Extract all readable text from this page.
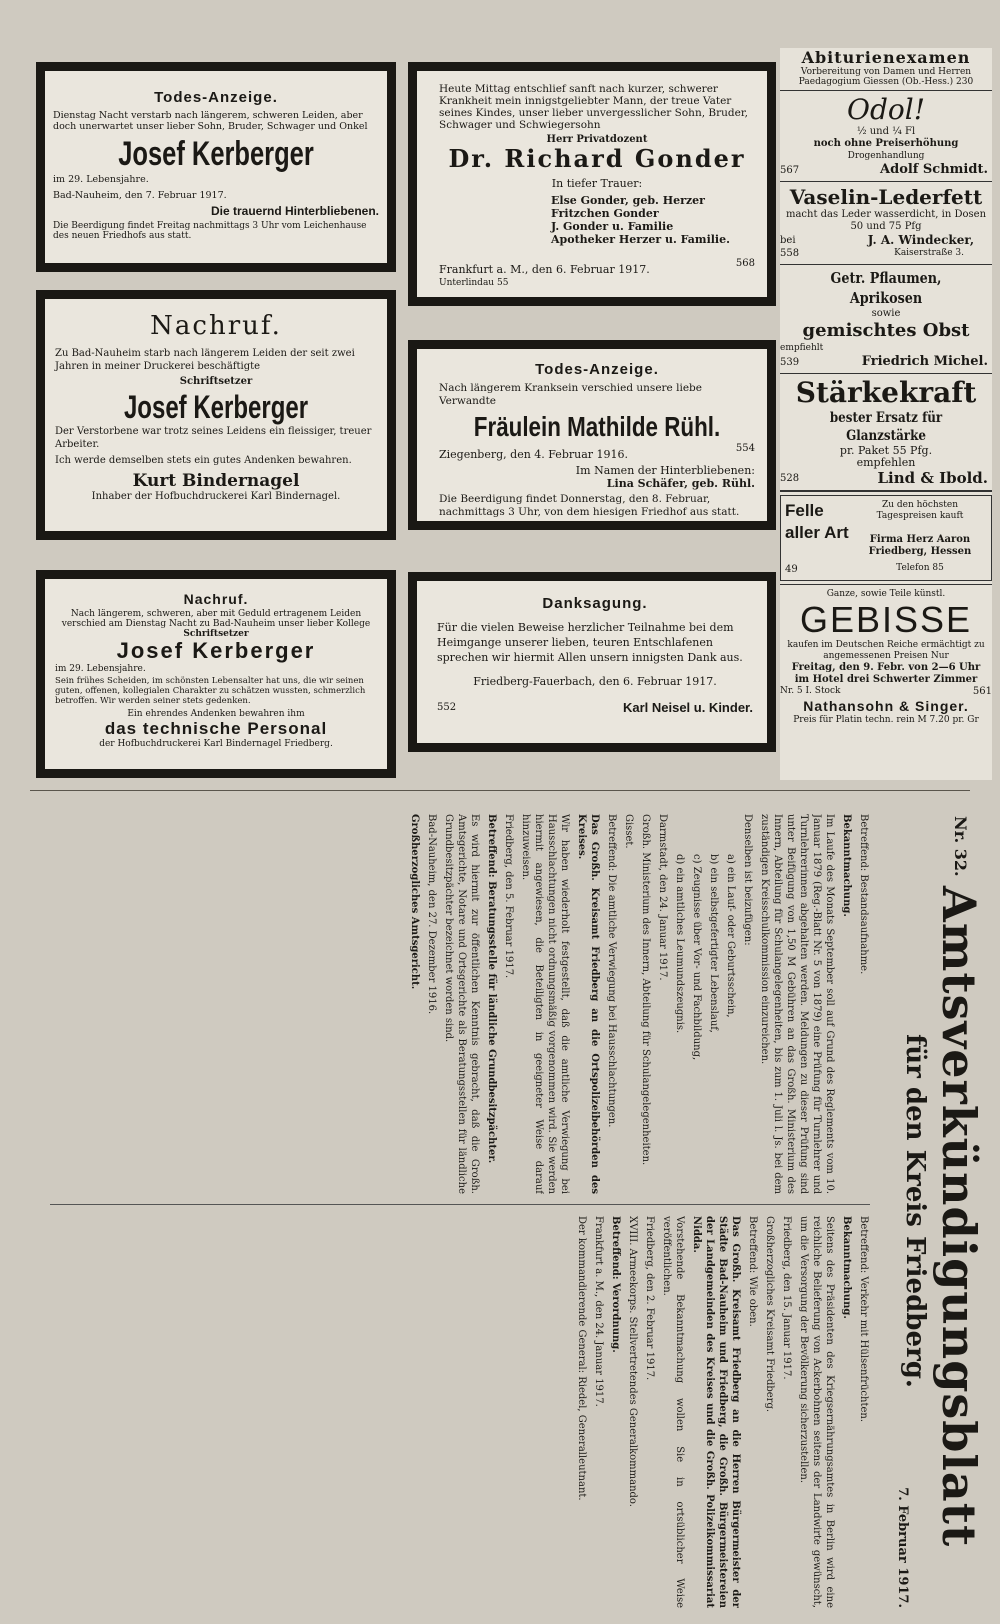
Todes-Anzeige.

Dienstag Nacht verstarb nach längerem, schweren Leiden, aber doch unerwartet unser lieber Sohn, Bruder, Schwager und Onkel

Josef Kerberger

im 29. Lebensjahre.

Bad-Nauheim, den 7. Februar 1917.

Die trauernd Hinterbliebenen.

Die Beerdigung findet Freitag nachmittags 3 Uhr vom Leichenhause des neuen Friedhofs aus statt.

Nachruf.

Zu Bad-Nauheim starb nach längerem Leiden der seit zwei Jahren in meiner Druckerei beschäftigte

Schriftsetzer
Josef Kerberger

Der Verstorbene war trotz seines Leidens ein fleissiger, treuer Arbeiter.

Ich werde demselben stets ein gutes Andenken bewahren.

Kurt Bindernagel
Inhaber der Hofbuchdruckerei Karl Bindernagel.
Nachruf.

Nach längerem, schweren, aber mit Geduld ertragenem Leiden verschied am Dienstag Nacht zu Bad-Nauheim unser lieber Kollege

Schriftsetzer
Josef Kerberger

im 29. Lebensjahre.

Sein frühes Scheiden, im schönsten Lebensalter hat uns, die wir seinen guten, offenen, kollegialen Charakter zu schätzen wussten, schmerzlich betroffen. Wir werden seiner stets gedenken.

Ein ehrendes Andenken bewahren ihm
das technische Personal
der Hofbuchdruckerei Karl Bindernagel Friedberg.

Heute Mittag entschlief sanft nach kurzer, schwerer Krankheit mein innigstgeliebter Mann, der treue Vater seines Kindes, unser lieber unvergesslicher Sohn, Bruder, Schwager und Schwiegersohn

Herr Privatdozent
Dr. Richard Gonder
In tiefer Trauer:
Else Gonder, geb. Herzer
Fritzchen Gonder
J. Gonder u. Familie
Apotheker Herzer u. Familie.
Frankfurt a. M., den 6. Februar 1917.	568
Unterlindau 55
Todes-Anzeige.

Nach längerem Kranksein verschied unsere liebe Verwandte

Fräulein Mathilde Rühl.
Ziegenberg, den 4. Februar 1916.	554
Im Namen der Hinterbliebenen:
Lina Schäfer, geb. Rühl.

Die Beerdigung findet Donnerstag, den 8. Februar, nachmittags 3 Uhr, von dem hiesigen Friedhof aus statt.

Danksagung.

Für die vielen Beweise herzlicher Teilnahme bei dem Heimgange unserer lieben, teuren Entschlafenen sprechen wir hiermit Allen unsern innigsten Dank aus.

Friedberg-Fauerbach, den 6. Februar 1917.
552	Karl Neisel u. Kinder.
Abiturienexamen
Vorbereitung von Damen und Herren Paedagogium Giessen (Ob.-Hess.) 230
Odol!
½ und ¼ Fl
noch ohne Preiserhöhung
Drogenhandlung
567	Adolf Schmidt.
Vaselin-Lederfett
macht das Leder wasserdicht, in Dosen 50 und 75 Pfg
bei
558
J. A. Windecker,
Kaiserstraße 3.
Getr. Pflaumen, Aprikosen
sowie
gemischtes Obst
empfiehlt
539	Friedrich Michel.
Stärkekraft
bester Ersatz für Glanzstärke
pr. Paket 55 Pfg.
empfehlen
528	Lind & Ibold.
Felle aller Art
Zu den höchsten Tagespreisen kauft
Firma Herz Aaron Friedberg, Hessen
Telefon 85
49
Ganze, sowie Teile künstl.
GEBISSE
kaufen im Deutschen Reiche ermächtigt zu angemessenen Preisen Nur
Freitag, den 9. Febr. von 2—6 Uhr
im Hotel drei Schwerter Zimmer
Nr. 5 I. Stock	561
Nathansohn & Singer.
Preis für Platin techn. rein M 7.20 pr. Gr
Nr. 32.
Amtsverkündigungsblatt
für den Kreis Friedberg.
7. Februar 1917.

Betreffend: Bestandsaufnahme.

Bekanntmachung.

Im Laufe des Monats September soll auf Grund des Reglements vom 10. Januar 1879 (Reg.-Blatt Nr. 5 von 1879) eine Prüfung für Turnlehrer und Turnlehrerinnen abgehalten werden. Meldungen zu dieser Prüfung sind unter Beifügung von 1,50 M Gebühren an das Großh. Ministerium des Innern, Abteilung für Schulangelegenheiten, bis zum 1. Juli l. Js. bei dem zuständigen Kreisschulkommission einzureichen.

Denselben ist beizufügen:

a) ein Lauf- oder Geburtsschein,

b) ein selbstgefertigter Lebenslauf,

c) Zeugnisse über Vor- und Fachbildung,

d) ein amtliches Leumundszeugnis.

Darmstadt, den 24. Januar 1917.

Großh. Ministerium des Innern, Abteilung für Schulangelegenheiten.

Gisset.

Betreffend: Die amtliche Verwiegung bei Hausschlachtungen.

Das Großh. Kreisamt Friedberg an die Ortspolizeibehörden des Kreises.

Wir haben wiederholt festgestellt, daß die amtliche Verwiegung bei Hausschlachtungen nicht ordnungsmäßig vorgenommen wird. Sie werden hiermit angewiesen, die Beteiligten in geeigneter Weise darauf hinzuweisen.

Friedberg, den 5. Februar 1917.

Betreffend: Beratungsstelle für ländliche Grundbesitzpächter.

Es wird hiermit zur öffentlichen Kenntnis gebracht, daß die Großh. Amtsgerichte, Notare und Ortsgerichte als Beratungsstellen für ländliche Grundbesitzpächter bezeichnet worden sind.

Bad-Nauheim, den 27. Dezember 1916.

Großherzogliches Amtsgericht.

Betreffend: Verkehr mit Hülsenfrüchten.

Bekanntmachung.

Seitens des Präsidenten des Kriegsernährungsamtes in Berlin wird eine reichliche Belieferung von Ackerbohnen seitens der Landwirte gewünscht, um die Versorgung der Bevölkerung sicherzustellen.

Friedberg, den 15. Januar 1917.

Großherzogliches Kreisamt Friedberg.

Betreffend: Wie oben.

Das Großh. Kreisamt Friedberg an die Herren Bürgermeister der Städte Bad-Nauheim und Friedberg, die Großh. Bürgermeistereien der Landgemeinden des Kreises und die Großh. Polizeikommissariat Nidda.

Vorstehende Bekanntmachung wollen Sie in ortsüblicher Weise veröffentlichen.

Friedberg, den 2. Februar 1917.

XVIII. Armeekorps. Stellvertretendes Generalkommando.

Betreffend: Verordnung.

Frankfurt a. M., den 24. Januar 1917.

Der kommandierende General: Riedel, Generalleutnant.
